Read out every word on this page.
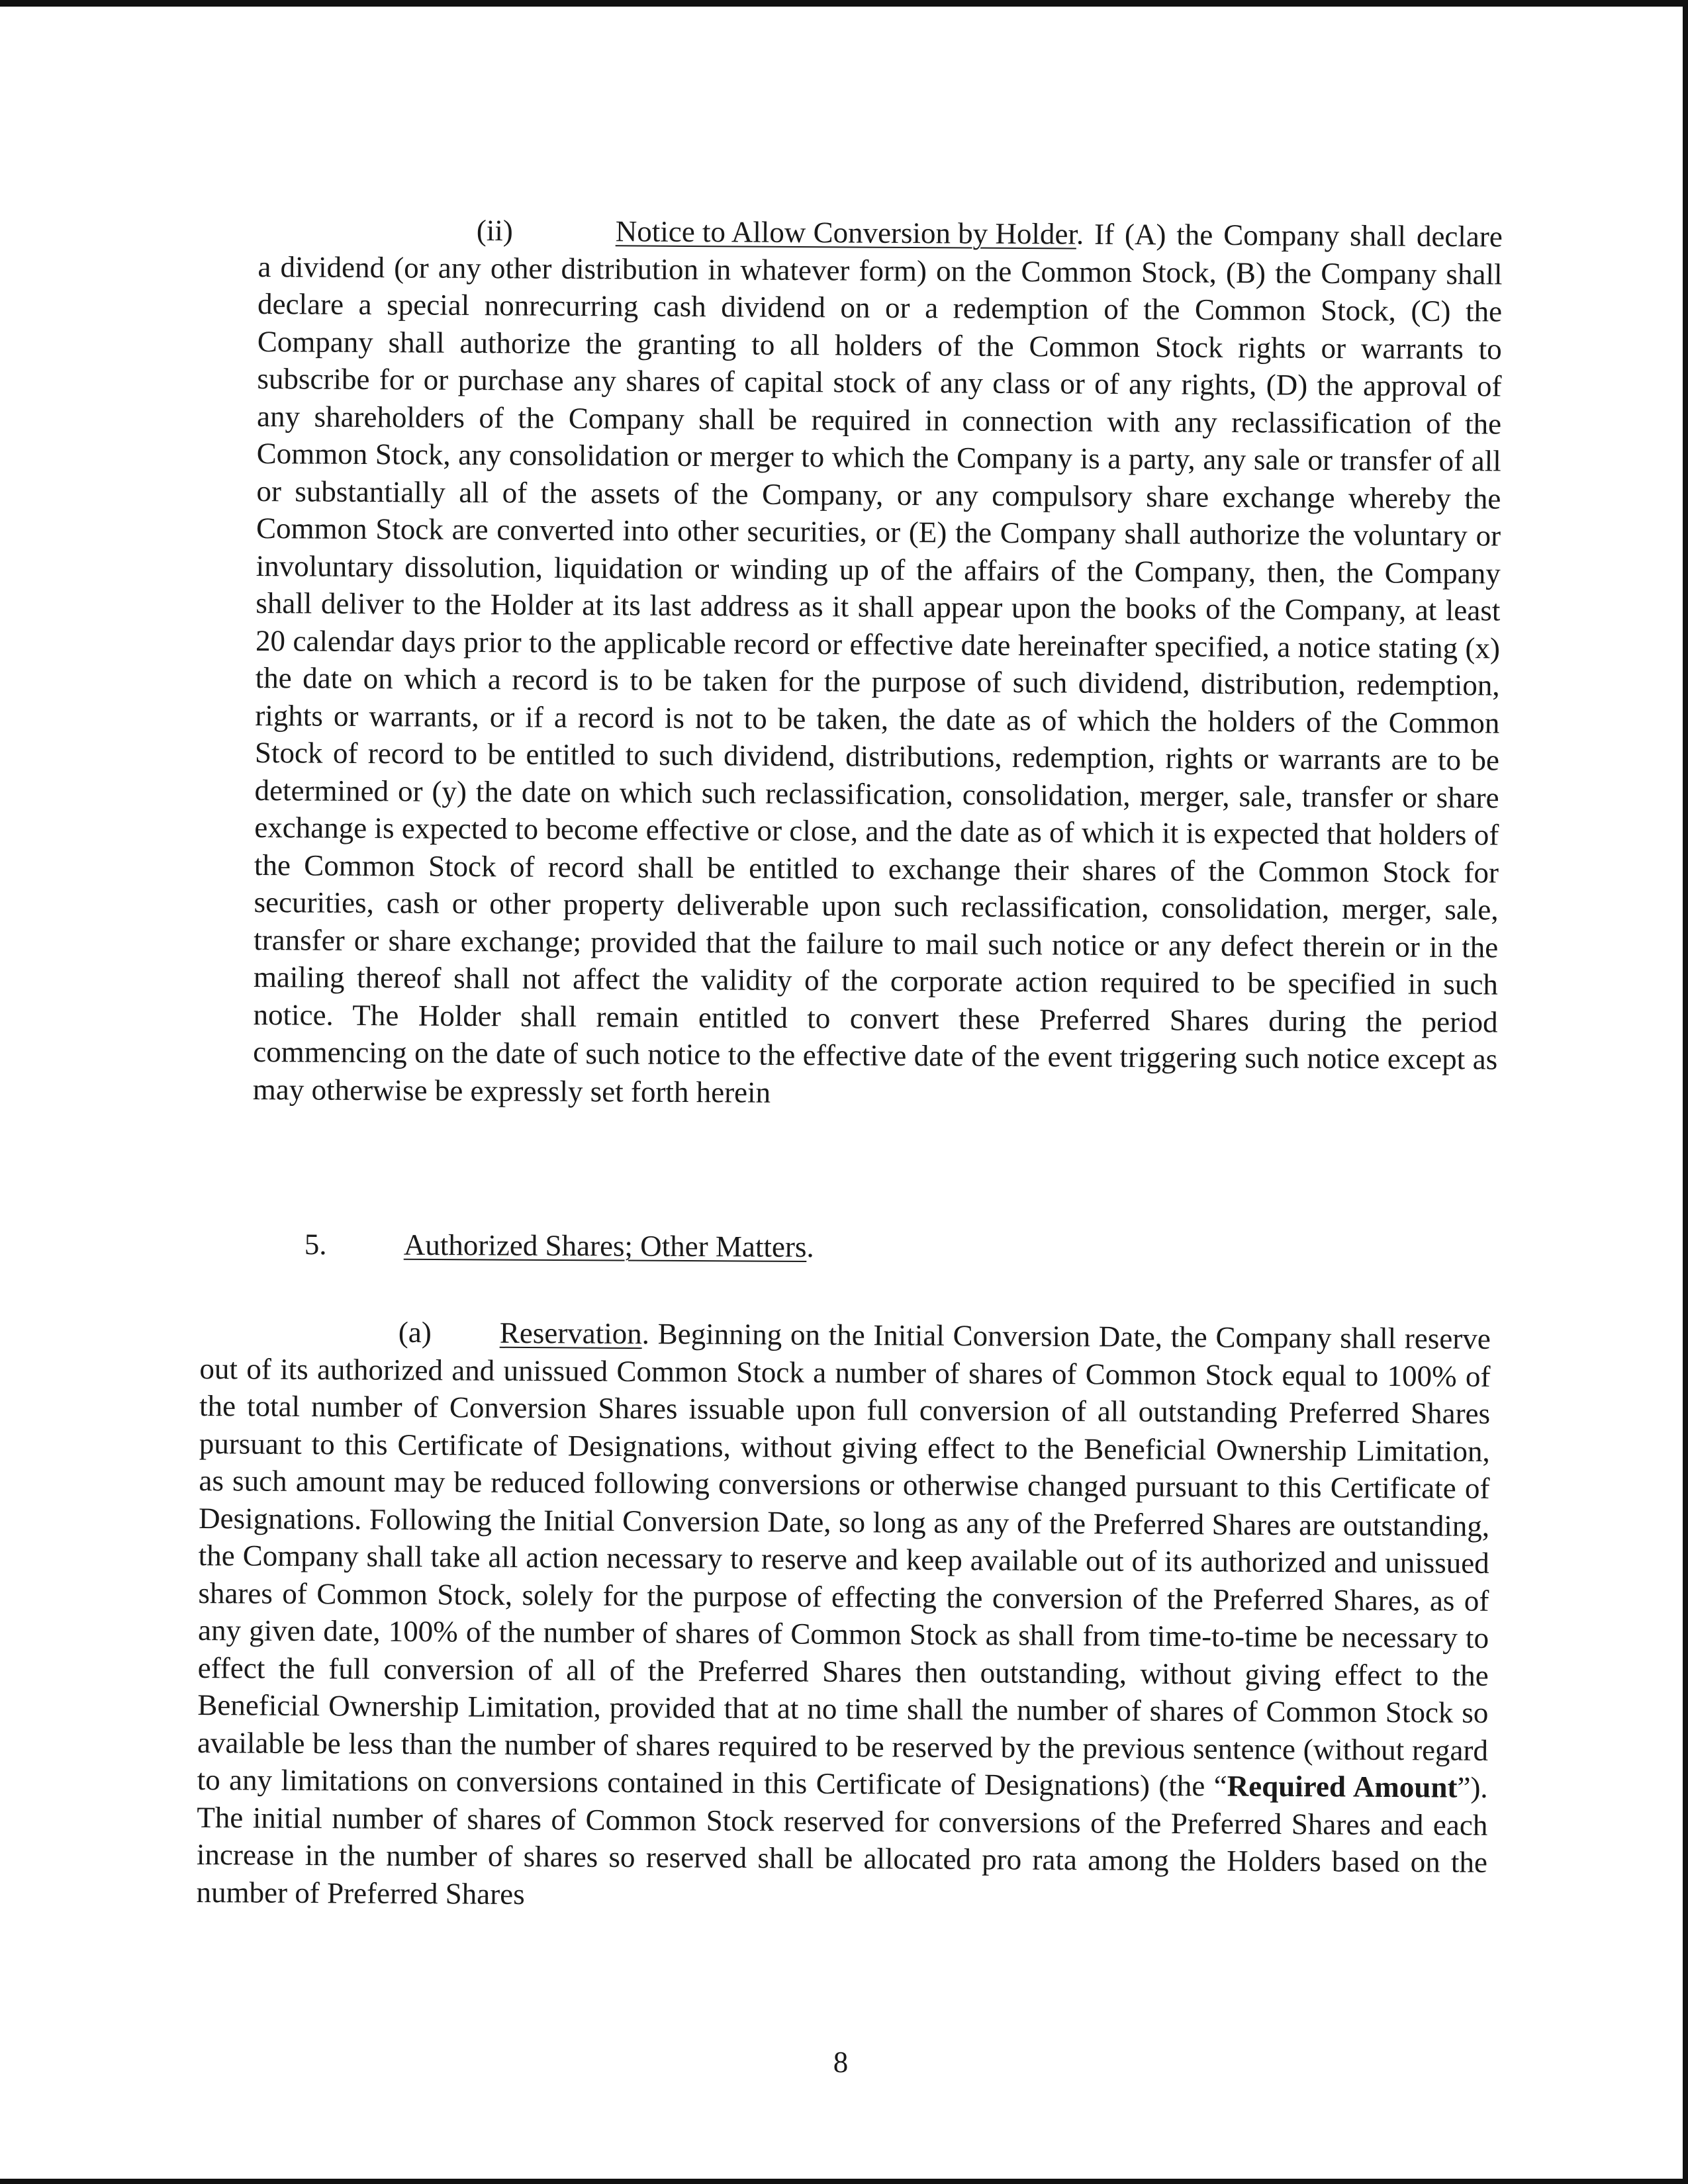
(ii)	Notice to Allow Conversion by Holder. If (A) the Company shall declare a dividend (or any other distribution in whatever form) on the Common Stock, (B) the Company shall declare a special nonrecurring cash dividend on or a redemption of the Common Stock, (C) the Company shall authorize the granting to all holders of the Common Stock rights or warrants to subscribe for or purchase any shares of capital stock of any class or of any rights, (D) the approval of any shareholders of the Company shall be required in connection with any reclassification of the Common Stock, any consolidation or merger to which the Company is a party, any sale or transfer of all or substantially all of the assets of the Company, or any compulsory share exchange whereby the Common Stock are converted into other securities, or (E) the Company shall authorize the voluntary or involuntary dissolution, liquidation or winding up of the affairs of the Company, then, the Company shall deliver to the Holder at its last address as it shall appear upon the books of the Company, at least 20 calendar days prior to the applicable record or effective date hereinafter specified, a notice stating (x) the date on which a record is to be taken for the purpose of such dividend, distribution, redemption, rights or warrants, or if a record is not to be taken, the date as of which the holders of the Common Stock of record to be entitled to such dividend, distributions, redemption, rights or warrants are to be determined or (y) the date on which such reclassification, consolidation, merger, sale, transfer or share exchange is expected to become effective or close, and the date as of which it is expected that holders of the Common Stock of record shall be entitled to exchange their shares of the Common Stock for securities, cash or other property deliverable upon such reclassification, consolidation, merger, sale, transfer or share exchange; provided that the failure to mail such notice or any defect therein or in the mailing thereof shall not affect the validity of the corporate action required to be specified in such notice. The Holder shall remain entitled to convert these Preferred Shares during the period commencing on the date of such notice to the effective date of the event triggering such notice except as may otherwise be expressly set forth herein

5.	Authorized Shares; Other Matters.

(a) Reservation. Beginning on the Initial Conversion Date, the Company shall reserve out of its authorized and unissued Common Stock a number of shares of Common Stock equal to 100% of the total number of Conversion Shares issuable upon full conversion of all outstanding Preferred Shares pursuant to this Certificate of Designations, without giving effect to the Beneficial Ownership Limitation, as such amount may be reduced following conversions or otherwise changed pursuant to this Certificate of Designations. Following the Initial Conversion Date, so long as any of the Preferred Shares are outstanding, the Company shall take all action necessary to reserve and keep available out of its authorized and unissued shares of Common Stock, solely for the purpose of effecting the conversion of the Preferred Shares, as of any given date, 100% of the number of shares of Common Stock as shall from time-to-time be necessary to effect the full conversion of all of the Preferred Shares then outstanding, without giving effect to the Beneficial Ownership Limitation, provided that at no time shall the number of shares of Common Stock so available be less than the number of shares required to be reserved by the previous sentence (without regard to any limitations on conversions contained in this Certificate of Designations) (the “Required Amount”). The initial number of shares of Common Stock reserved for conversions of the Preferred Shares and each increase in the number of shares so reserved shall be allocated pro rata among the Holders based on the number of Preferred Shares

8
